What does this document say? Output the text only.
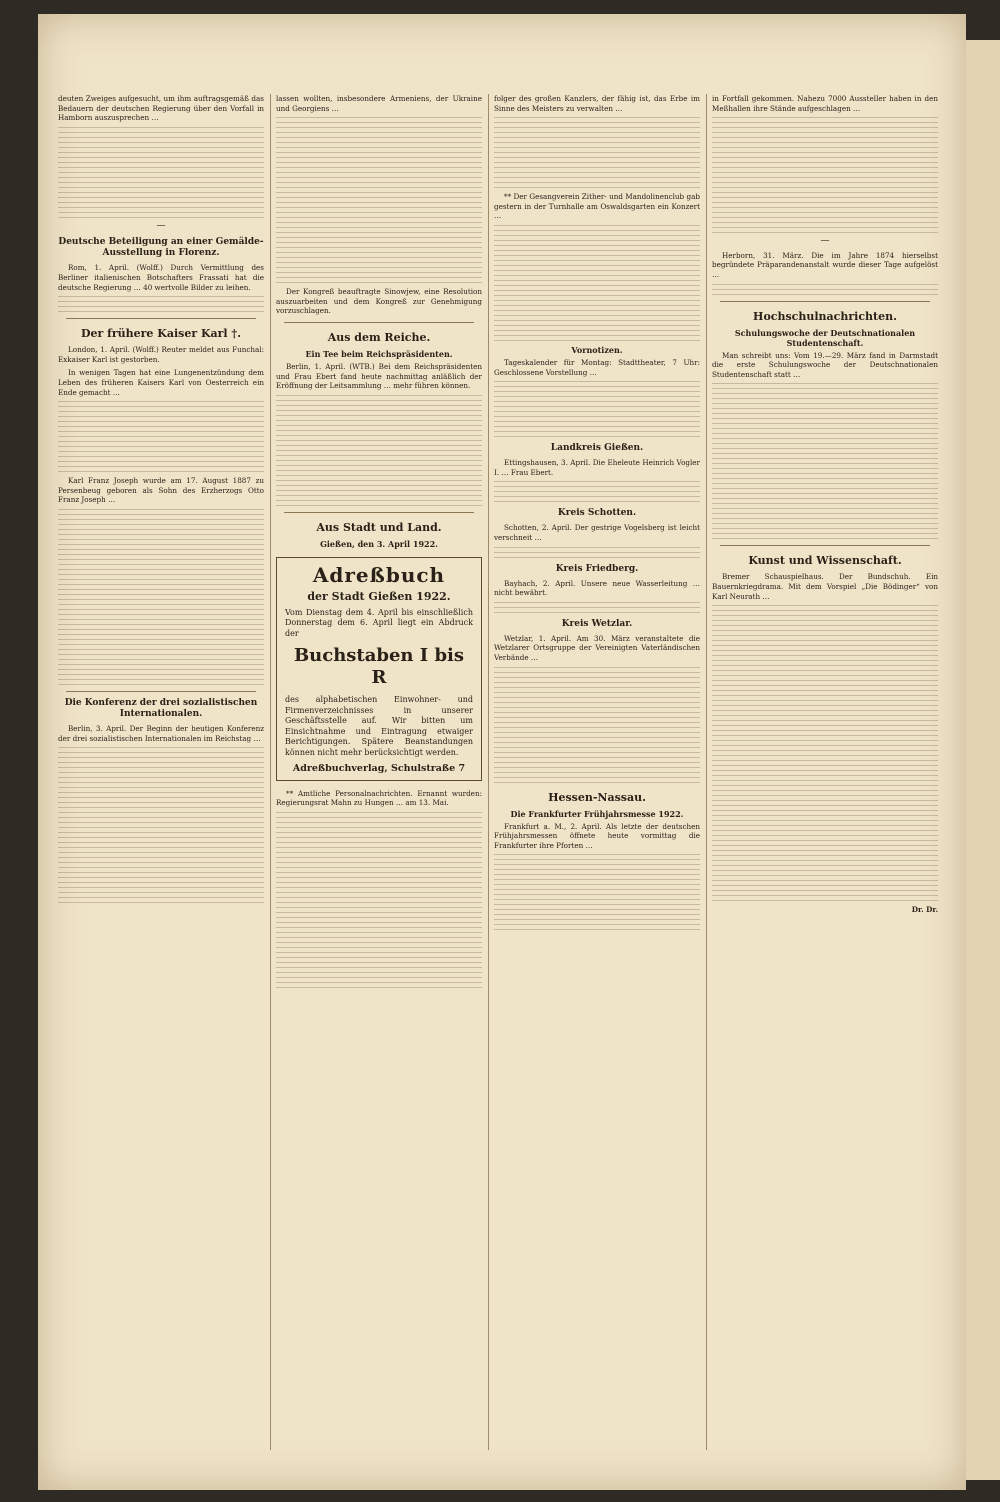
deuten Zweiges aufgesucht, um ihm auftragsgemäß das Bedauern der deutschen Regierung über den Vorfall in Hamborn auszusprechen …

—
Deutsche Beteiligung an einer Gemälde-Ausstellung in Florenz.

Rom, 1. April. (Wolff.) Durch Vermittlung des Berliner italienischen Botschafters Frassati hat die deutsche Regierung … 40 wertvolle Bilder zu leihen.

Der frühere Kaiser Karl †.

London, 1. April. (Wolff.) Reuter meldet aus Funchal: Exkaiser Karl ist gestorben.

In wenigen Tagen hat eine Lungenentzündung dem Leben des früheren Kaisers Karl von Oesterreich ein Ende gemacht …

Karl Franz Joseph wurde am 17. August 1887 zu Persenbeug geboren als Sohn des Erzherzogs Otto Franz Joseph …

Die Konferenz der drei sozialistischen Internationalen.

Berlin, 3. April. Der Beginn der heutigen Konferenz der drei sozialistischen Internationalen im Reichstag …

lassen wollten, insbesondere Armeniens, der Ukraine und Georgiens …

Der Kongreß beauftragte Sinowjew, eine Resolution auszuarbeiten und dem Kongreß zur Genehmigung vorzuschlagen.

Aus dem Reiche.
Ein Tee beim Reichspräsidenten.

Berlin, 1. April. (WTB.) Bei dem Reichspräsidenten und Frau Ebert fand heute nachmittag anläßlich der Eröffnung der Leitsammlung … mehr führen können.

Aus Stadt und Land.
Gießen, den 3. April 1922.
Adreßbuch
der Stadt Gießen 1922.
Vom Dienstag dem 4. April bis einschließlich Donnerstag dem 6. April liegt ein Abdruck der
Buchstaben I bis R
des alphabetischen Einwohner- und Firmenverzeichnisses in unserer Geschäftsstelle auf. Wir bitten um Einsichtnahme und Eintragung etwaiger Berichtigungen. Spätere Beanstandungen können nicht mehr berücksichtigt werden.
Adreßbuchverlag, Schulstraße 7

** Amtliche Personalnachrichten. Ernannt wurden: Regierungsrat Mahn zu Hungen … am 13. Mai.

folger des großen Kanzlers, der fähig ist, das Erbe im Sinne des Meisters zu verwalten …

** Der Gesangverein Zither- und Mandolinenclub gab gestern in der Turnhalle am Oswaldsgarten ein Konzert …

Vornotizen.

Tageskalender für Montag: Stadttheater, 7 Uhr: Geschlossene Vorstellung …

Landkreis Gießen.

Ettingshausen, 3. April. Die Eheleute Heinrich Vogler I. … Frau Ebert.

Kreis Schotten.

Schotten, 2. April. Der gestrige Vogelsberg ist leicht verschneit …

Kreis Friedberg.

Bayhach, 2. April. Unsere neue Wasserleitung … nicht bewährt.

Kreis Wetzlar.

Wetzlar, 1. April. Am 30. März veranstaltete die Wetzlarer Ortsgruppe der Vereinigten Vaterländischen Verbände …

Hessen-Nassau.
Die Frankfurter Frühjahrsmesse 1922.

Frankfurt a. M., 2. April. Als letzte der deutschen Frühjahrsmessen öffnete heute vormittag die Frankfurter ihre Pforten …

in Fortfall gekommen. Nahezu 7000 Aussteller haben in den Meßhallen ihre Stände aufgeschlagen …

—

Herborn, 31. März. Die im Jahre 1874 hierselbst begründete Präparandenanstalt wurde dieser Tage aufgelöst …

Hochschulnachrichten.
Schulungswoche der Deutschnationalen Studentenschaft.

Man schreibt uns: Vom 19.—29. März fand in Darmstadt die erste Schulungswoche der Deutschnationalen Studentenschaft statt …

Kunst und Wissenschaft.

Bremer Schauspielhaus. Der Bundschuh. Ein Bauernkriegdrama. Mit dem Vorspiel „Die Bödinger“ von Karl Neurath …

Dr. Dr.
